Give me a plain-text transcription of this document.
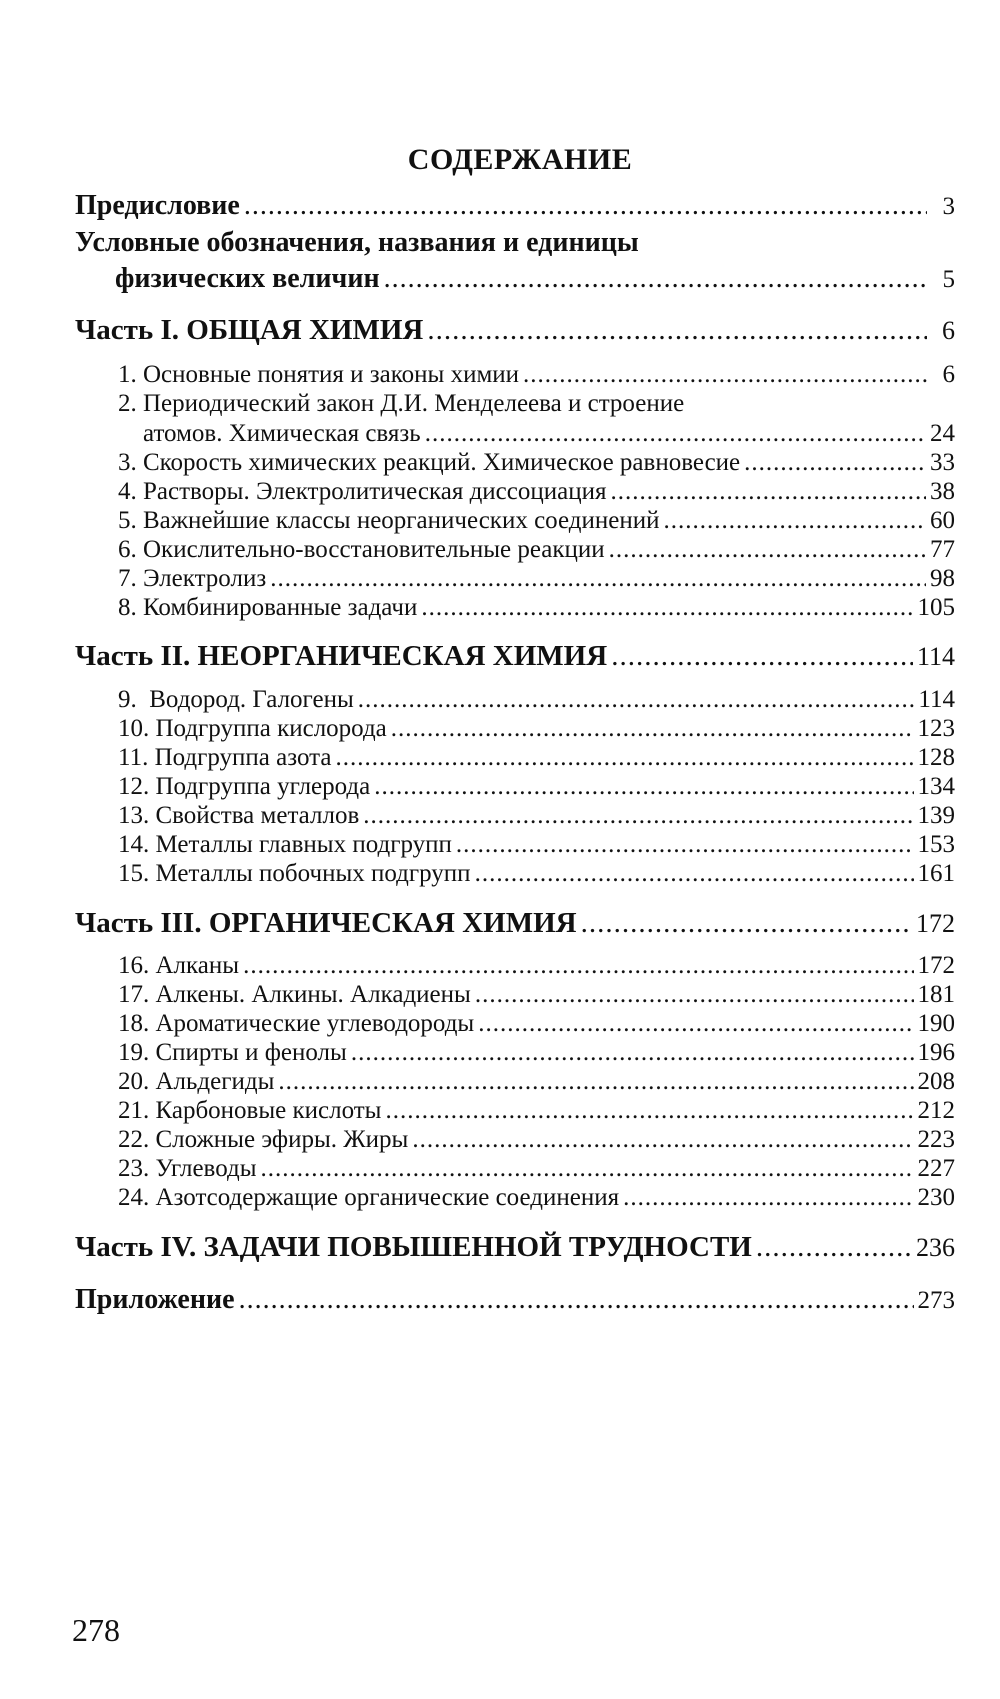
СОДЕРЖАНИЕ
Предисловие .....	3
Условные обозначения, названия и единицы
физических величин .....	5
Часть I. ОБЩАЯ ХИМИЯ .....	6
1. Основные понятия и законы химии .....	6
2. Периодический закон Д.И. Менделеева и строение
атомов. Химическая связь .....	24
3. Скорость химических реакций. Химическое равновесие .....	33
4. Растворы. Электролитическая диссоциация .....	38
5. Важнейшие классы неорганических соединений .....	60
6. Окислительно-восстановительные реакции .....	77
7. Электролиз .....	98
8. Комбинированные задачи .....	105
Часть II. НЕОРГАНИЧЕСКАЯ ХИМИЯ .....	114
9.  Водород. Галогены .....	114
10. Подгруппа кислорода .....	123
11. Подгруппа азота .....	128
12. Подгруппа углерода .....	134
13. Свойства металлов .....	139
14. Металлы главных подгрупп .....	153
15. Металлы побочных подгрупп .....	161
Часть III. ОРГАНИЧЕСКАЯ ХИМИЯ .....	172
16. Алканы .....	172
17. Алкены. Алкины. Алкадиены .....	181
18. Ароматические углеводороды .....	190
19. Спирты и фенолы .....	196
20. Альдегиды .....	208
21. Карбоновые кислоты .....	212
22. Сложные эфиры. Жиры .....	223
23. Углеводы .....	227
24. Азотсодержащие органические соединения .....	230
Часть IV. ЗАДАЧИ ПОВЫШЕННОЙ ТРУДНОСТИ .....	236
Приложение .....	273
278
